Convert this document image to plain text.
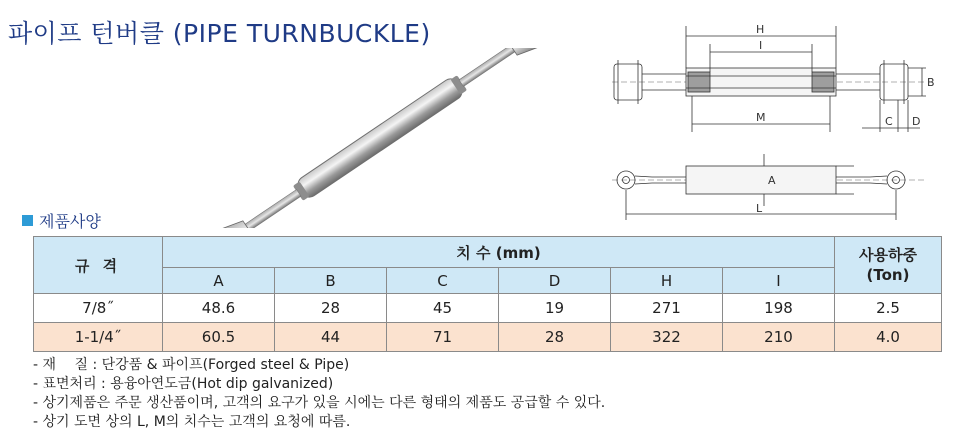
파이프 턴버클 (PIPE TURNBUCKLE)	H
I
B
M	C D
A
L
제품사양
규 격	치 수 (mm)						사용하중
(Ton)

	A	B	C	D	H	I	
7/8˝	48.6	28	45	19	271	198	2.5
1-1/4˝	60.5	44	71	28	322	210	4.0
- 재　 질 : 단강품 & 파이프(Forged steel & Pipe)
- 표면처리 : 용융아연도금(Hot dip galvanized)
- 상기제품은 주문 생산품이며, 고객의 요구가 있을 시에는 다른 형태의 제품도 공급할 수 있다.
- 상기 도면 상의 L, M의 치수는 고객의 요청에 따름.
